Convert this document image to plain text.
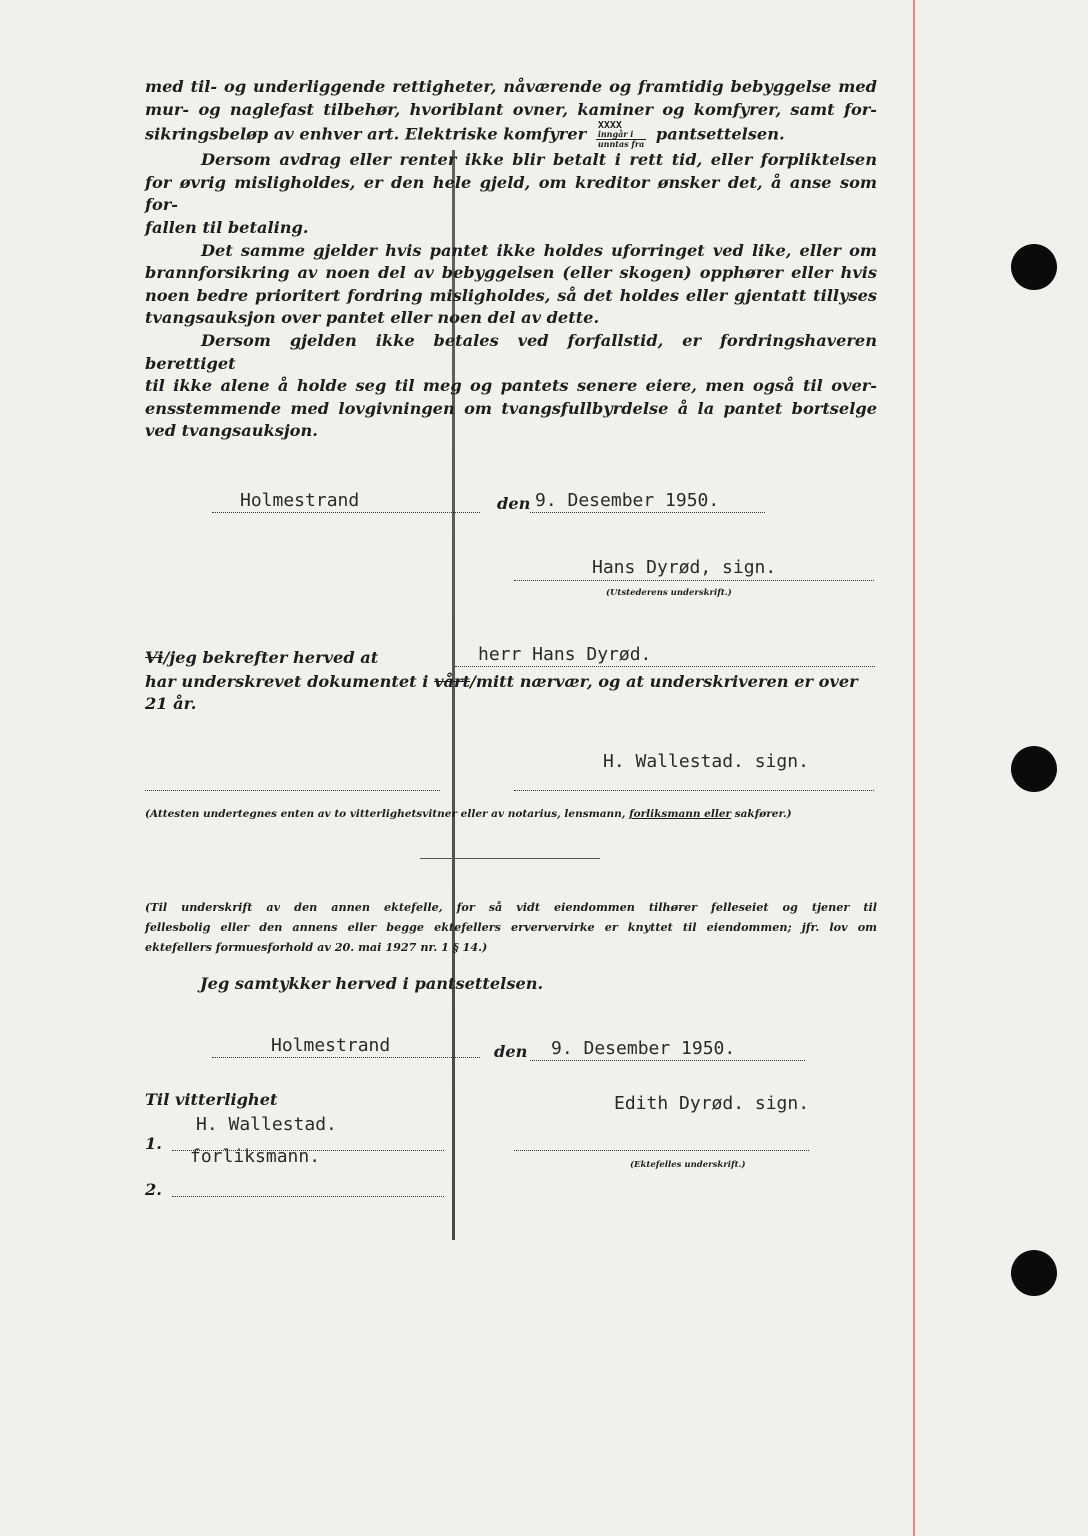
med til- og underliggende rettigheter, nåværende og framtidig bebyggelse med

mur- og naglefast tilbehør, hvoriblant ovner, kaminer og komfyrer, samt for-

sikringsbeløp av enhver art. Elektriske komfyrer XXXX
inngår i
unntas fra
pantsettelsen.

Dersom avdrag eller renter ikke blir betalt i rett tid, eller forpliktelsen

for øvrig misligholdes, er den hele gjeld, om kreditor ønsker det, å anse som for-

fallen til betaling.

Det samme gjelder hvis pantet ikke holdes uforringet ved like, eller om

brannforsikring av noen del av bebyggelsen (eller skogen) opphører eller hvis

noen bedre prioritert fordring misligholdes, så det holdes eller gjentatt tillyses

tvangsauksjon over pantet eller noen del av dette.

Dersom gjelden ikke betales ved forfallstid, er fordringshaveren berettiget

til ikke alene å holde seg til meg og pantets senere eiere, men også til over-

ensstemmende med lovgivningen om tvangsfullbyrdelse å la pantet bortselge

ved tvangsauksjon.

Holmestrand	den 9. Desember 1950.
Hans Dyrød, sign.
(Utstederens underskrift.)
Vi/jeg bekrefter herved at	herr Hans Dyrød.
har underskrevet dokumentet i vårt/mitt nærvær, og at underskriveren er over
21 år.
H. Wallestad. sign.
(Attesten undertegnes enten av to vitterlighetsvitner eller av notarius, lensmann, forliksmann eller sakfører.)
(Til underskrift av den annen ektefelle, for så vidt eiendommen tilhører felleseiet og tjener til
fellesbolig eller den annens eller begge ektefellers erververvirke er knyttet til eiendommen; jfr. lov om
ektefellers formuesforhold av 20. mai 1927 nr. 1 § 14.)
Jeg samtykker herved i pantsettelsen.
Holmestrand	den 9. Desember 1950.
Til vitterlighet
1.
H. Wallestad.
forliksmann.
2.
Edith Dyrød. sign.
(Ektefelles underskrift.)
